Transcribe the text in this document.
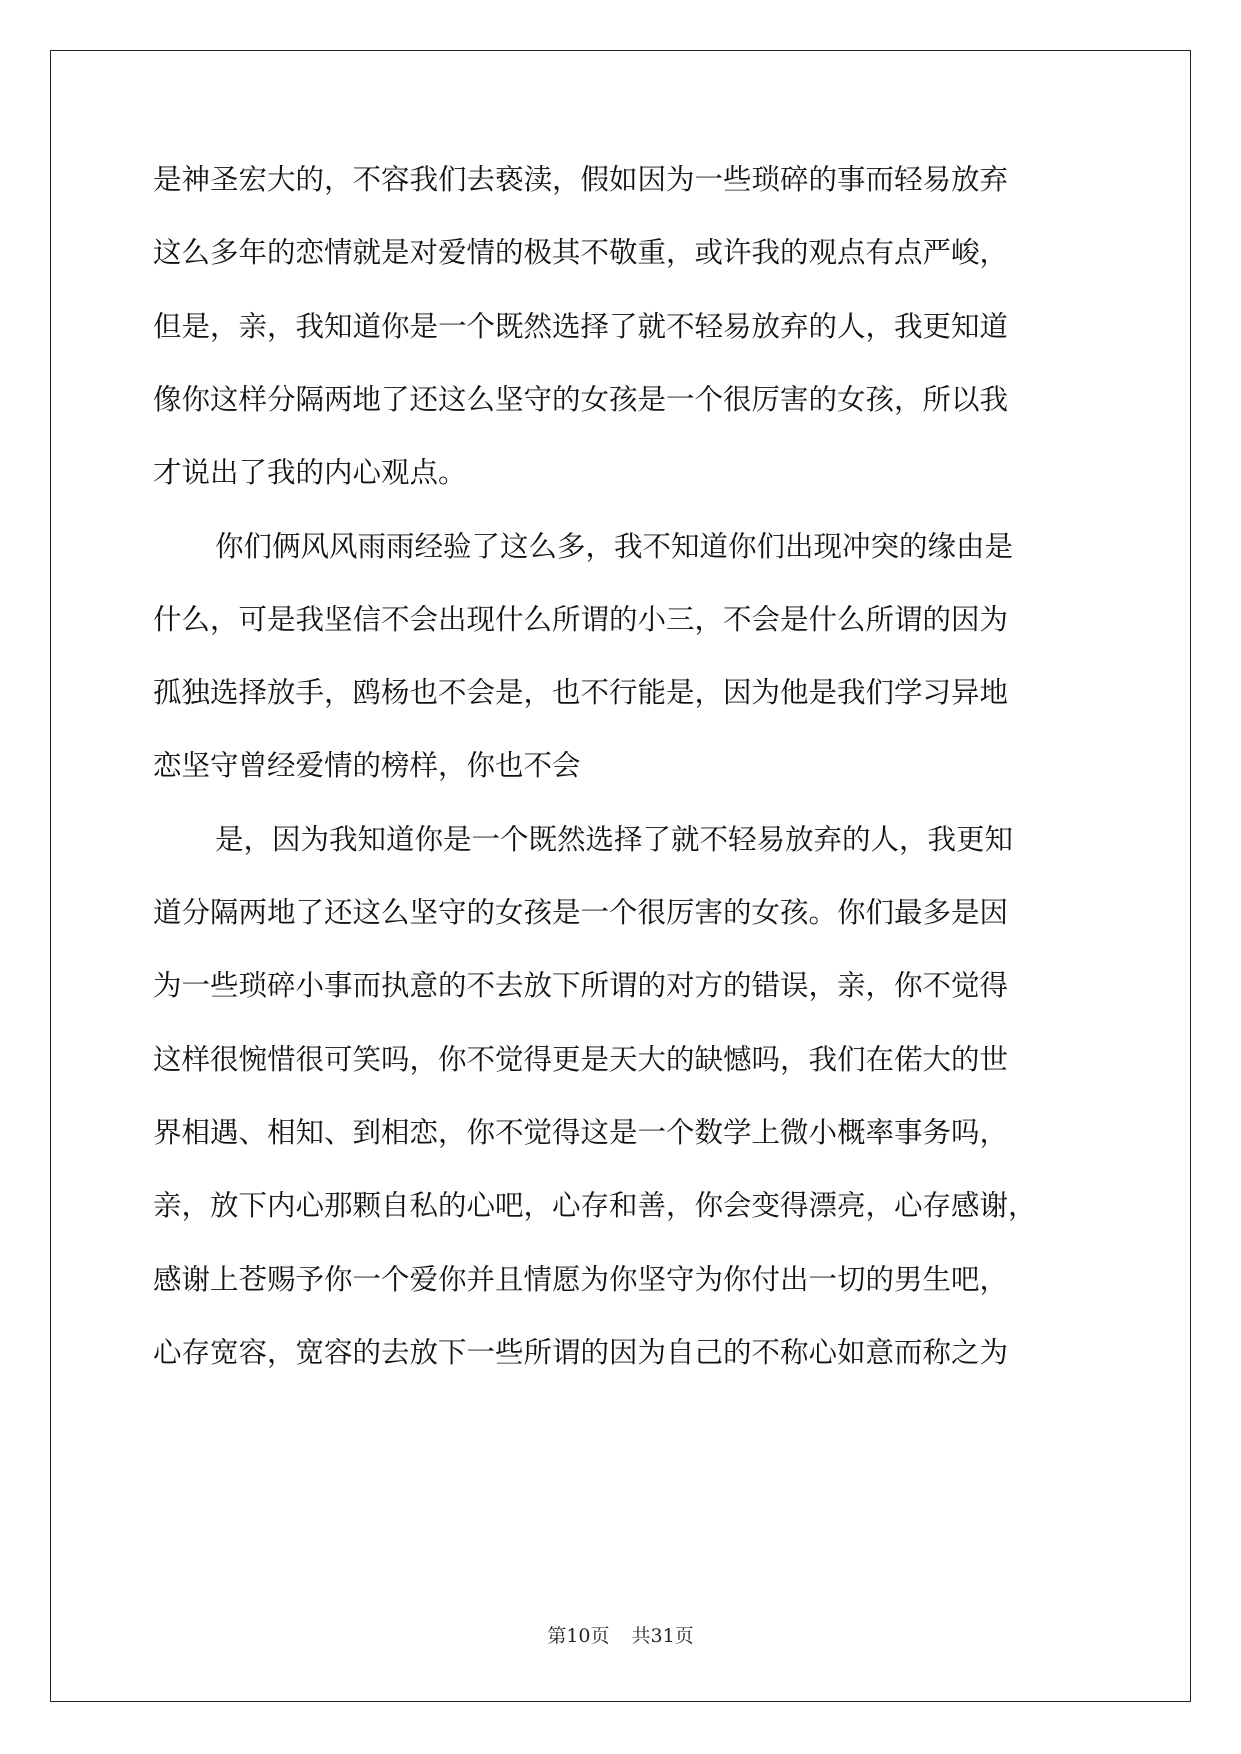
是神圣宏大的，不容我们去亵渎，假如因为一些琐碎的事而轻易放弃
这么多年的恋情就是对爱情的极其不敬重，或许我的观点有点严峻，
但是，亲，我知道你是一个既然选择了就不轻易放弃的人，我更知道
像你这样分隔两地了还这么坚守的女孩是一个很厉害的女孩，所以我
才说出了我的内心观点。
你们俩风风雨雨经验了这么多，我不知道你们出现冲突的缘由是
什么，可是我坚信不会出现什么所谓的小三，不会是什么所谓的因为
孤独选择放手，鸥杨也不会是，也不行能是，因为他是我们学习异地
恋坚守曾经爱情的榜样，你也不会
是，因为我知道你是一个既然选择了就不轻易放弃的人，我更知
道分隔两地了还这么坚守的女孩是一个很厉害的女孩。你们最多是因
为一些琐碎小事而执意的不去放下所谓的对方的错误，亲，你不觉得
这样很惋惜很可笑吗，你不觉得更是天大的缺憾吗，我们在偌大的世
界相遇、相知、到相恋，你不觉得这是一个数学上微小概率事务吗，
亲，放下内心那颗自私的心吧，心存和善，你会变得漂亮，心存感谢，
感谢上苍赐予你一个爱你并且情愿为你坚守为你付出一切的男生吧，
心存宽容，宽容的去放下一些所谓的因为自己的不称心如意而称之为
第10页 共31页
